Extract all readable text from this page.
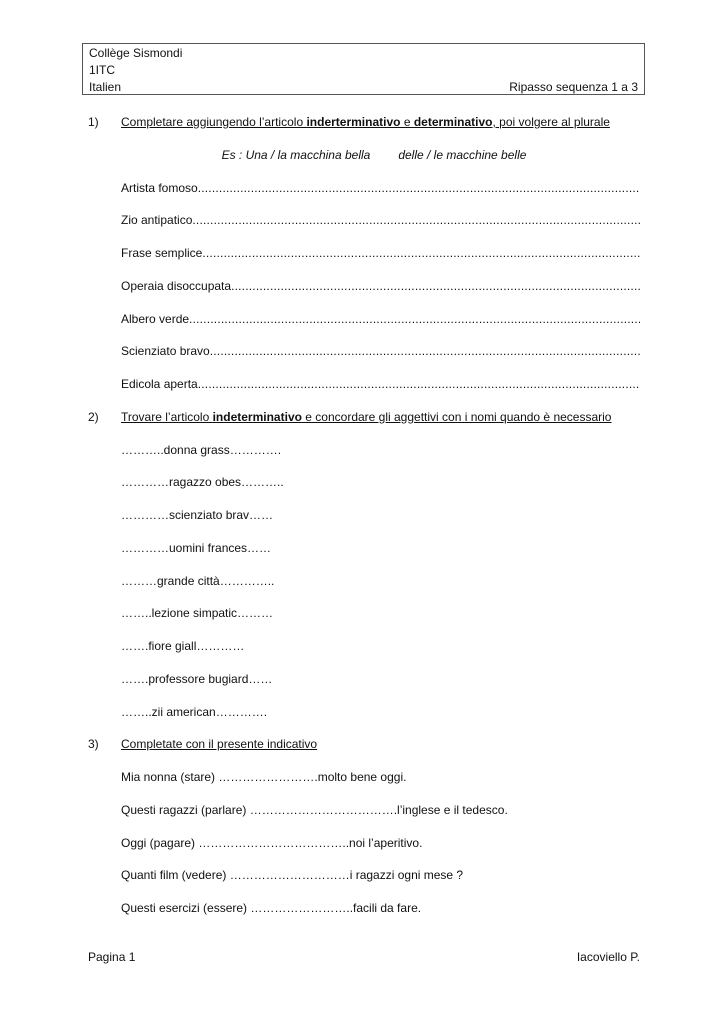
Collège Sismondi
1ITC
Italien	Ripasso sequenza 1 a 3
1)	Completare aggiungendo l’articolo inderterminativo e determinativo, poi volgere al plurale
Es : Una / la macchina bella delle / le macchine belle
Artista fomoso
.....
Zio antipatico
.....
Frase semplice
.....
Operaia disoccupata
.....
Albero verde
.....
Scienziato bravo
.....
Edicola aperta
.....
2)	Trovare l’articolo indeterminativo e concordare gli aggettivi con i nomi quando è necessario
………..donna grass………….
…………ragazzo obes………..
…………scienziato brav……
…………uomini frances……
………grande città…………..
……..lezione simpatic………
…….fiore giall…………
…….professore bugiard……
……..zii american………….
3)	Completate con il presente indicativo
Mia nonna (stare) …………………….molto bene oggi.
Questi ragazzi (parlare) ……………………………….l’inglese e il tedesco.
Oggi (pagare) ………………………………..noi l’aperitivo.
Quanti film (vedere) …………………………i ragazzi ogni mese ?
Questi esercizi (essere) ……………………..facili da fare.
Pagina 1	Iacoviello P.
